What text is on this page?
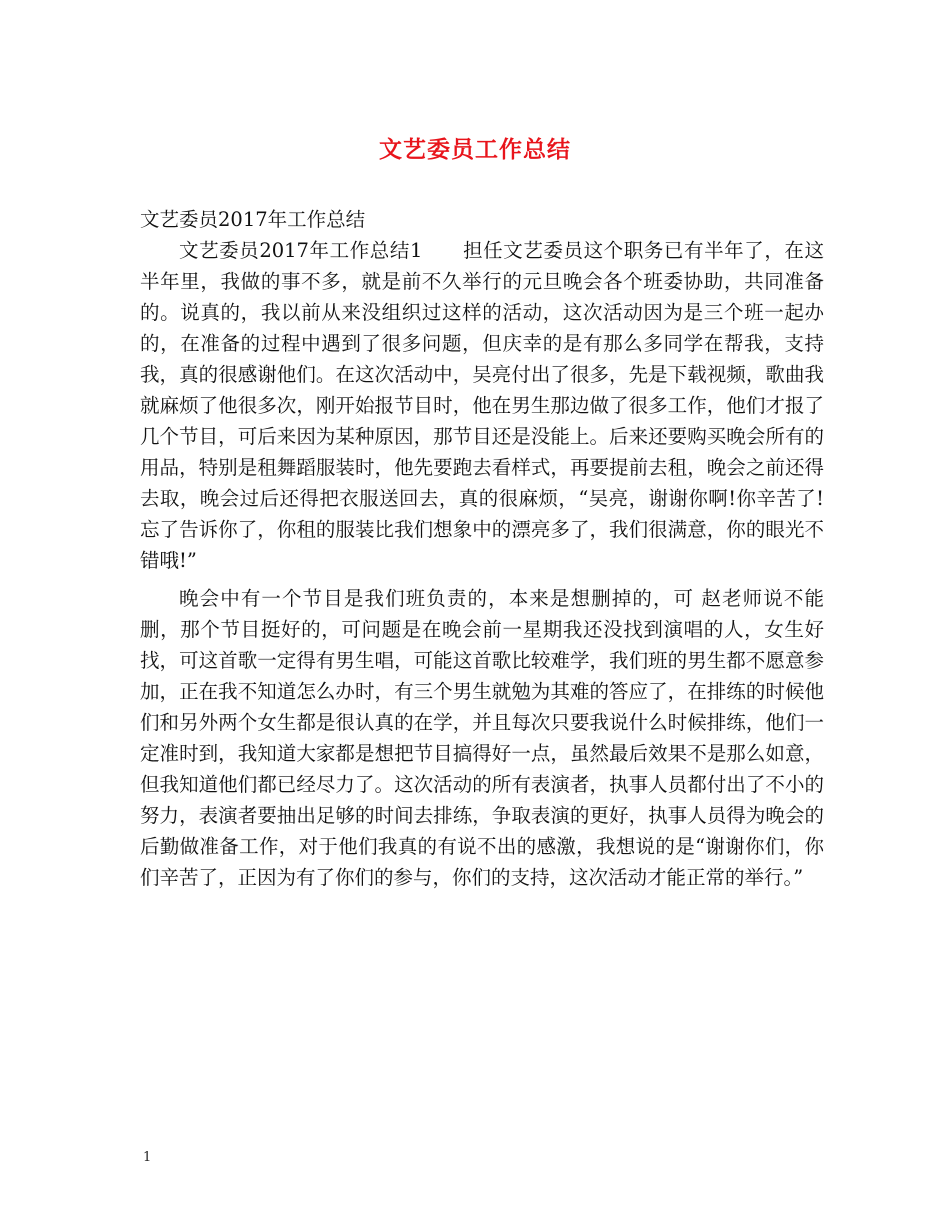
文艺委员工作总结

文艺委员2017年工作总结

文艺委员2017年工作总结1　　担任文艺委员这个职务已有半年了，在这半年里，我做的事不多，就是前不久举行的元旦晚会各个班委协助，共同准备的。说真的，我以前从来没组织过这样的活动，这次活动因为是三个班一起办的，在准备的过程中遇到了很多问题，但庆幸的是有那么多同学在帮我，支持我，真的很感谢他们。在这次活动中，吴亮付出了很多，先是下载视频，歌曲我就麻烦了他很多次，刚开始报节目时，他在男生那边做了很多工作，他们才报了几个节目，可后来因为某种原因，那节目还是没能上。后来还要购买晚会所有的用品，特别是租舞蹈服装时，他先要跑去看样式，再要提前去租，晚会之前还得去取，晚会过后还得把衣服送回去，真的很麻烦，“吴亮，谢谢你啊!你辛苦了!忘了告诉你了，你租的服装比我们想象中的漂亮多了，我们很满意，你的眼光不错哦!”

晚会中有一个节目是我们班负责的，本来是想删掉的，可 赵老师说不能删，那个节目挺好的，可问题是在晚会前一星期我还没找到演唱的人，女生好找，可这首歌一定得有男生唱，可能这首歌比较难学，我们班的男生都不愿意参加，正在我不知道怎么办时，有三个男生就勉为其难的答应了，在排练的时候他们和另外两个女生都是很认真的在学，并且每次只要我说什么时候排练，他们一定准时到，我知道大家都是想把节目搞得好一点，虽然最后效果不是那么如意，但我知道他们都已经尽力了。这次活动的所有表演者，执事人员都付出了不小的努力，表演者要抽出足够的时间去排练，争取表演的更好，执事人员得为晚会的后勤做准备工作，对于他们我真的有说不出的感激，我想说的是“谢谢你们，你们辛苦了，正因为有了你们的参与，你们的支持，这次活动才能正常的举行。”

1
